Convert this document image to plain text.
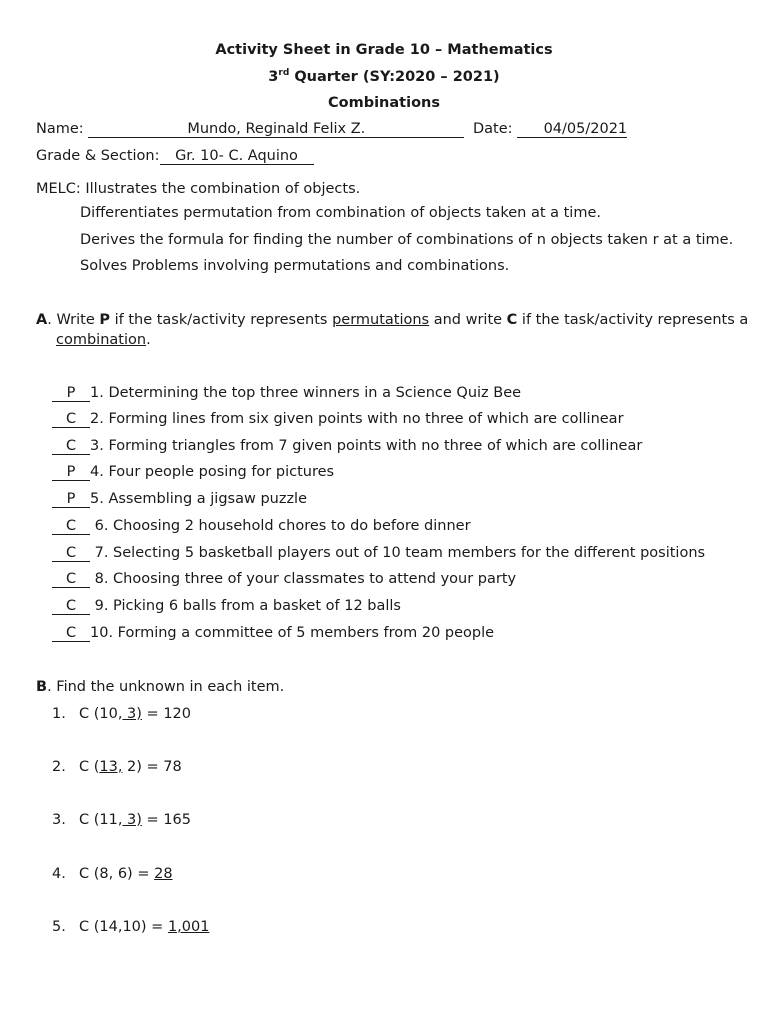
Activity Sheet in Grade 10 – Mathematics
3rd Quarter (SY:2020 – 2021)
Combinations
Name:	Mundo, Reginald Felix Z.	Date: 04/05/2021
Grade & Section: Gr. 10- C. Aquino
MELC: Illustrates the combination of objects.
Differentiates permutation from combination of objects taken at a time.
Derives the formula for finding the number of combinations of n objects taken r at a time.
Solves Problems involving permutations and combinations.
A. Write P if the task/activity represents permutations and write C if the task/activity represents a
combination.
P 1. Determining the top three winners in a Science Quiz Bee
C 2. Forming lines from six given points with no three of which are collinear
C 3. Forming triangles from 7 given points with no three of which are collinear
P 4. Four people posing for pictures
P 5. Assembling a jigsaw puzzle
C 6. Choosing 2 household chores to do before dinner
C 7. Selecting 5 basketball players out of 10 team members for the different positions
C 8. Choosing three of your classmates to attend your party
C 9. Picking 6 balls from a basket of 12 balls
C 10. Forming a committee of 5 members from 20 people
B. Find the unknown in each item.
1. C (10, 3) = 120
2. C (13, 2) = 78
3. C (11, 3) = 165
4. C (8, 6) = 28
5. C (14,10) = 1,001
